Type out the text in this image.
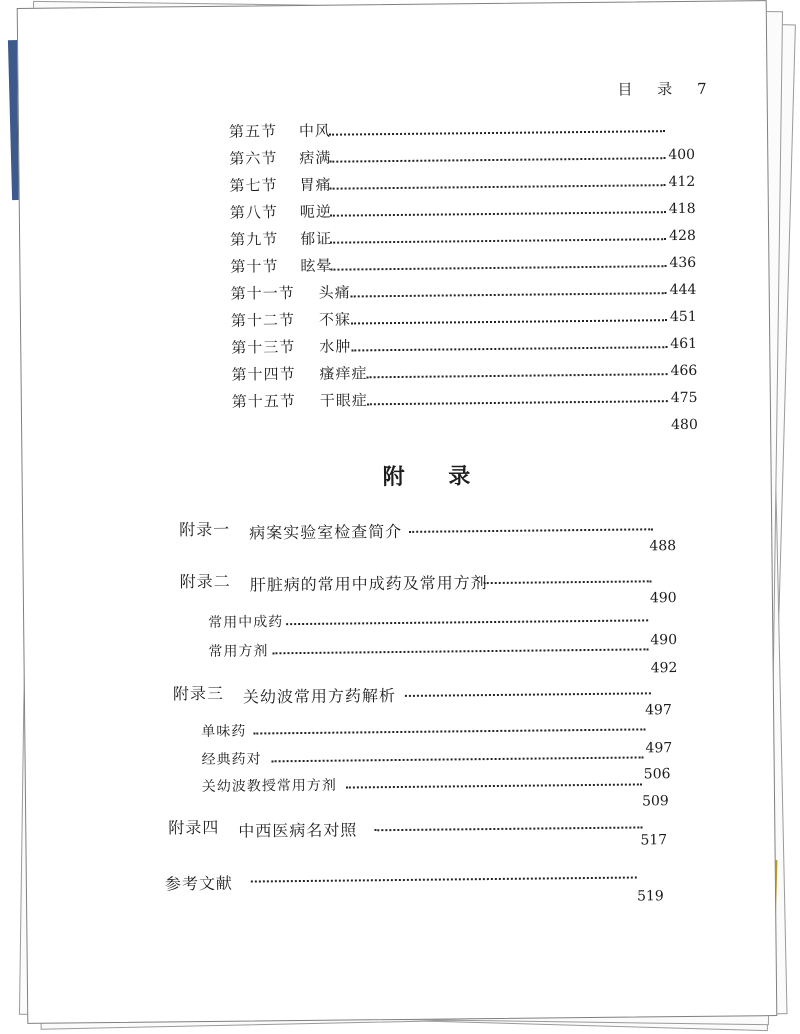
目 录 7
第五节 中风
400
第六节 痞满
412
第七节 胃痛
418
第八节 呃逆
428
第九节 郁证
436
第十节 眩晕
444
第十一节 头痛
451
第十二节 不寐
461
第十三节 水肿
466
第十四节 瘙痒症
475
第十五节 干眼症
480
附 录
附录一 病案实验室检查简介
488
附录二 肝脏病的常用中成药及常用方剂
490
常用中成药
490
常用方剂
492
附录三 关幼波常用方药解析
497
单味药
497
经典药对
506
关幼波教授常用方剂
509
附录四 中西医病名对照	517
参考文献
519
